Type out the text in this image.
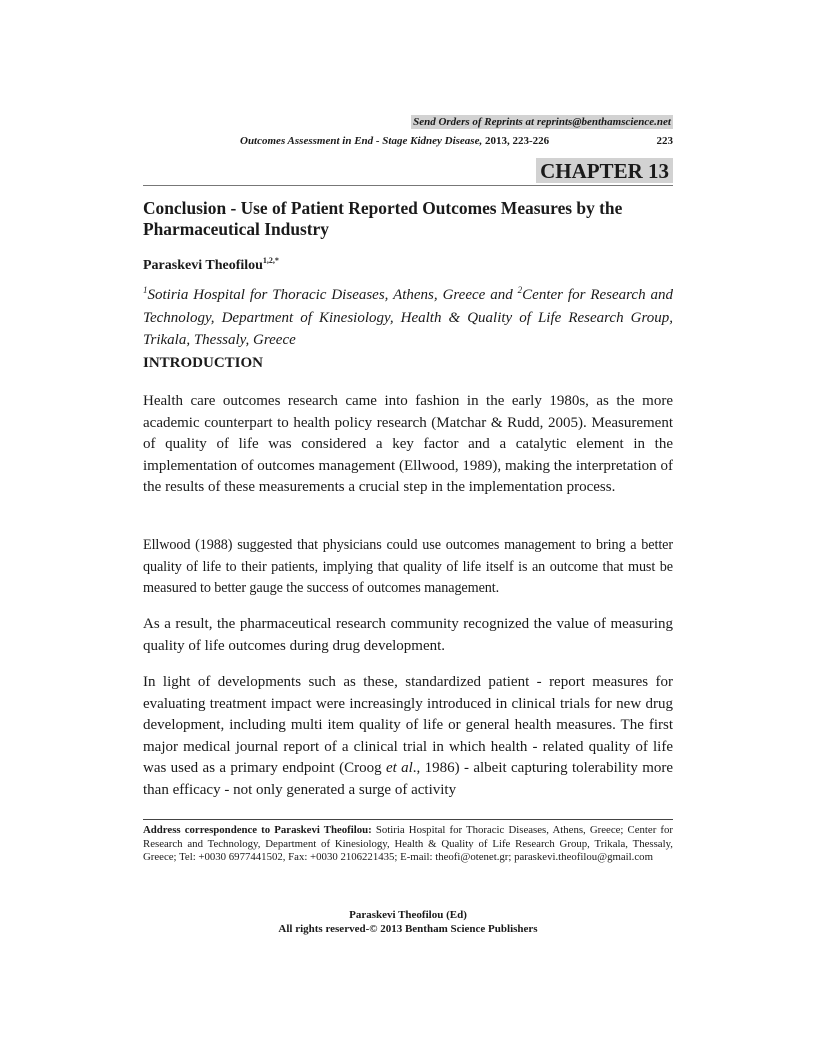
Send Orders of Reprints at reprints@benthamscience.net
Outcomes Assessment in End - Stage Kidney Disease, 2013, 223-226	223
CHAPTER 13
Conclusion - Use of Patient Reported Outcomes Measures by the Pharmaceutical Industry
Paraskevi Theofilou$^{1,2,*}$
$^1$Sotiria Hospital for Thoracic Diseases, Athens, Greece and $^2$Center for Research and Technology, Department of Kinesiology, Health & Quality of Life Research Group, Trikala, Thessaly, Greece
INTRODUCTION

Health care outcomes research came into fashion in the early 1980s, as the more academic counterpart to health policy research (Matchar & Rudd, 2005). Measurement of quality of life was considered a key factor and a catalytic element in the implementation of outcomes management (Ellwood, 1989), making the interpretation of the results of these measurements a crucial step in the implementation process.

Ellwood (1988) suggested that physicians could use outcomes management to bring a better quality of life to their patients, implying that quality of life itself is an outcome that must be measured to better gauge the success of outcomes management.

As a result, the pharmaceutical research community recognized the value of measuring quality of life outcomes during drug development.

In light of developments such as these, standardized patient - report measures for evaluating treatment impact were increasingly introduced in clinical trials for new drug development, including multi item quality of life or general health measures. The first major medical journal report of a clinical trial in which health - related quality of life was used as a primary endpoint (Croog et al., 1986) - albeit capturing tolerability more than efficacy - not only generated a surge of activity

Address correspondence to Paraskevi Theofilou: Sotiria Hospital for Thoracic Diseases, Athens, Greece; Center for Research and Technology, Department of Kinesiology, Health & Quality of Life Research Group, Trikala, Thessaly, Greece; Tel: +0030 6977441502, Fax: +0030 2106221435; E-mail: theofi@otenet.gr; paraskevi.theofilou@gmail.com
Paraskevi Theofilou (Ed)
All rights reserved-© 2013 Bentham Science Publishers
